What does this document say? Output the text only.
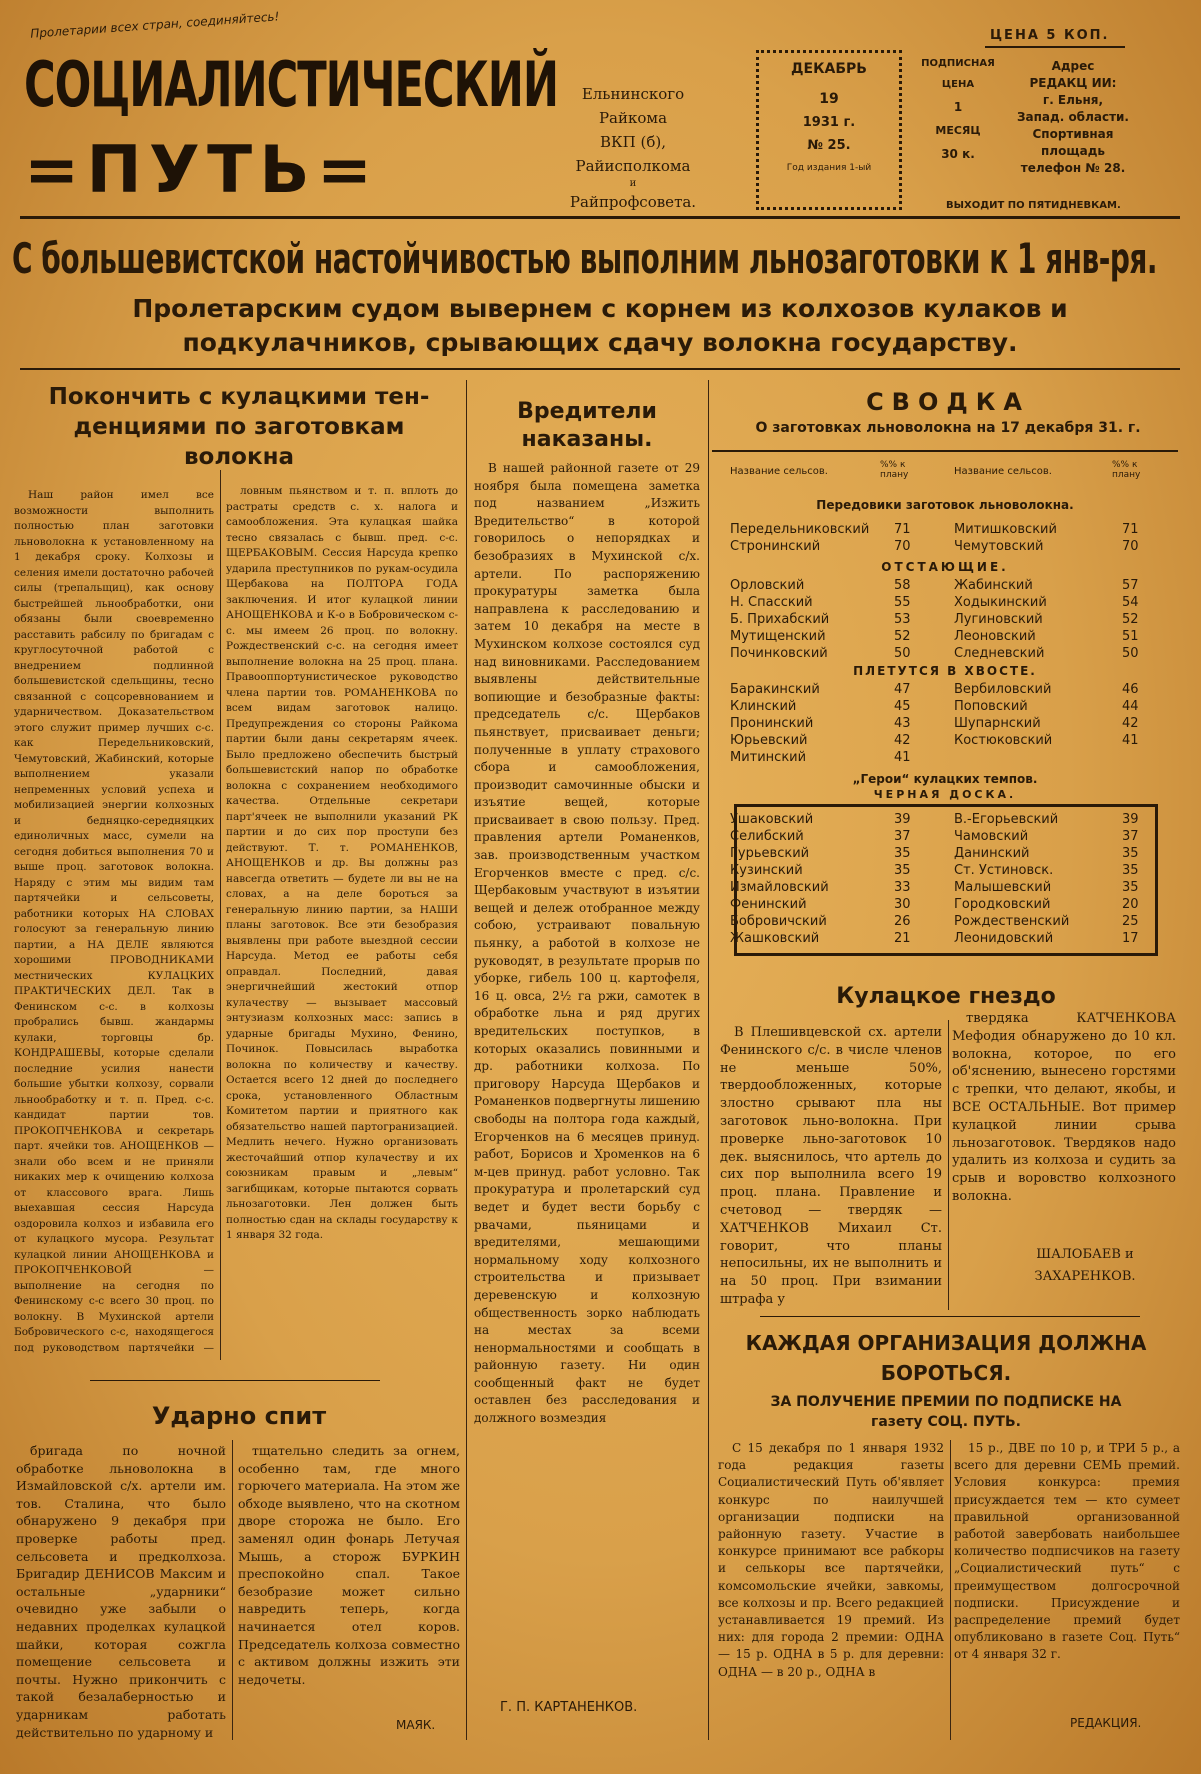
Пролетарии всех стран, соединяйтесь!
СОЦИАЛИСТИЧЕСКИЙ
=ПУТЬ=
Ельнинского Райкома
ВКП (б),
Райисполкома
и
Райпрофсовета.
ДЕКАБРЬ
19
1931 г.
№ 25.
Год издания 1-ый
ПОДПИСНАЯ
ЦЕНА
1
МЕСЯЦ
30 к.
ЦЕНА 5 КОП.
Адрес
РЕДАКЦ ИИ:
г. Ельня,
Запад. области.
Спортивная
площадь
телефон № 28.
ВЫХОДИТ ПО ПЯТИДНЕВКАМ.
С большевистской настойчивостью выполним льнозаготовки к 1 янв-ря.
Пролетарским судом вывернем с корнем из колхозов кулаков и
подкулачников, срывающих сдачу волокна государству.
Покончить с кулацкими тен-
денциями по заготовкам
волокна

Наш район имел все возможности выполнить полностью план заготовки льноволокна к установленному на 1 декабря сроку. Колхозы и селения имели достаточно рабочей силы (трепальщиц), как основу быстрейшей льнообработки, они обязаны были своевременно расставить рабсилу по бригадам с круглосуточной работой с внедрением подлинной большевистской сдельщины, тесно связанной с соцсоревнованием и ударничеством. Доказательством этого служит пример лучших с-с. как Передельниковский, Чемутовский, Жабинский, которые выполнением указали непременных условий успеха и мобилизацией энергии колхозных и бедняцко-середняцких единоличных масс, сумели на сегодня добиться выполнения 70 и выше проц. заготовок волокна. Наряду с этим мы видим там партячейки и сельсоветы, работники которых НА СЛОВАХ голосуют за генеральную линию партии, а НА ДЕЛЕ являются хорошими ПРОВОДНИКАМИ местнических КУЛАЦКИХ ПРАКТИЧЕСКИХ ДЕЛ. Так в Фенинском с-с. в колхозы пробрались бывш. жандармы кулаки, торговцы бр. КОНДРАШЕВЫ, которые сделали последние усилия нанести большие убытки колхозу, сорвали льнообработку и т. п. Пред. с-с. кандидат партии тов. ПРОКОПЧЕНКОВА и секретарь парт. ячейки тов. АНОЩЕНКОВ — знали обо всем и не приняли никаких мер к очищению колхоза от классового врага. Лишь выехавшая сессия Нарсуда оздоровила колхоз и избавила его от кулацкого мусора. Результат кулацкой линии АНОЩЕНКОВА и ПРОКОПЧЕНКОВОЙ — выполнение на сегодня по Фенинскому с-с всего 30 проц. по волокну. В Мухинской артели Бобровического с-с, находящегося под руководством партячейки —

ловным пьянством и т. п. вплоть до растраты средств с. х. налога и самообложения. Эта кулацкая шайка тесно связалась с бывш. пред. с-с. ЩЕРБАКОВЫМ. Сессия Нарсуда крепко ударила преступников по рукам-осудила Щербакова на ПОЛТОРА ГОДА заключения. И итог кулацкой линии АНОЩЕНКОВА и К-о в Бобровическом с-с. мы имеем 26 проц. по волокну. Рождественский с-с. на сегодня имеет выполнение волокна на 25 проц. плана. Правооппортунистическое руководство члена партии тов. РОМАНЕНКОВА по всем видам заготовок налицо. Предупреждения со стороны Райкома партии были даны секретарям ячеек. Было предложено обеспечить быстрый большевистский напор по обработке волокна с сохранением необходимого качества. Отдельные секретари парт'ячеек не выполнили указаний РК партии и до сих пор проступи без действуют. Т. т. РОМАНЕНКОВ, АНОЩЕНКОВ и др. Вы должны раз навсегда ответить — будете ли вы не на словах, а на деле бороться за генеральную линию партии, за НАШИ планы заготовок. Все эти безобразия выявлены при работе выездной сессии Нарсуда. Метод ее работы себя оправдал. Последний, давая энергичнейший жестокий отпор кулачеству — вызывает массовый энтузиазм колхозных масс: запись в ударные бригады Мухино, Фенино, Починок. Повысилась выработка волокна по количеству и качеству. Остается всего 12 дней до последнего срока, установленного Областным Комитетом партии и приятного как обязательство нашей партогранизацией. Медлить нечего. Нужно организовать жесточайший отпор кулачеству и их союзникам правым и „левым“ загибщикам, которые пытаются сорвать льнозаготовки. Лен должен быть полностью сдан на склады государству к 1 января 32 года.

Вредители
наказаны.

В нашей районной газете от 29 ноября была помещена заметка под названием „Изжить Вредительство“ в которой говорилось о непорядках и безобразиях в Мухинской с/х. артели. По распоряжению прокуратуры заметка была направлена к расследованию и затем 10 декабря на месте в Мухинском колхозе состоялся суд над виновниками. Расследованием выявлены действительные вопиющие и безобразные факты: председатель с/с. Щербаков пьянствует, присваивает деньги; полученные в уплату страхового сбора и самообложения, производит самочинные обыски и изъятие вещей, которые присваивает в свою пользу. Пред. правления артели Романенков, зав. производственным участком Егорченков вместе с пред. с/с. Щербаковым участвуют в изъятии вещей и дележ отобранное между собою, устраивают повальную пьянку, а работой в колхозе не руководят, в результате прорыв по уборке, гибель 100 ц. картофеля, 16 ц. овса, 2½ га ржи, самотек в обработке льна и ряд других вредительских поступков, в которых оказались повинными и др. работники колхоза. По приговору Нарсуда Щербаков и Романенков подвергнуты лишению свободы на полтора года каждый, Егорченков на 6 месяцев принуд. работ, Борисов и Хроменков на 6 м-цев принуд. работ условно. Так прокуратура и пролетарский суд ведет и будет вести борьбу с рвачами, пьяницами и вредителями, мешающими нормальному ходу колхозного строительства и призывает деревенскую и колхозную общественность зорко наблюдать на местах за всеми ненормальностями и сообщать в районную газету. Ни один сообщенный факт не будет оставлен без расследования и должного возмездия

Г. П. КАРТАНЕНКОВ.
СВОДКА
О заготовках льноволокна на 17 декабря 31. г.
Название сельсов.
%% к плану	Название сельсов.
%% к плану
Передовики заготовок льноволокна.
Передельниковский 71	Митишковский	71
Стронинский	70	Чемутовский	70
ОТСТАЮЩИЕ.
Орловский	58	Жабинский	57
Н. Спасский	55	Ходыкинский	54
Б. Прихабский	53	Лугиновский	52
Мутищенский	52	Леоновский	51
Починковский	50	Следневский	50
ПЛЕТУТСЯ В ХВОСТЕ.
Баракинский	47	Вербиловский	46
Клинский	45	Поповский	44
Пронинский	43	Шупарнский	42
Юрьевский	42	Костюковский	41
Митинский	41
„Герои“ кулацких темпов.
ЧЕРНАЯ ДОСКА.
Ушаковский	39	В.-Егорьевский	39
Селибский	37	Чамовский	37
Гурьевский	35	Данинский	35
Кузинский	35	Ст. Устиновск.	35
Измайловский	33	Малышевский	35
Фенинский	30	Городковский	20
Бобровичский	26	Рождественский	25
Жашковский	21	Леонидовский	17
Кулацкое гнездо

В Плешивцевской сх. артели Фенинского с/с. в числе членов не меньше 50%, твердообложенных, которые злостно срывают пла ны заготовок льно-волокна. При проверке льно-заготовок 10 дек. выяснилось, что артель до сих пор выполнила всего 19 проц. плана. Правление и счетовод — твердяк — ХАТЧЕНКОВ Михаил Ст. говорит, что планы непосильны, их не выполнить и на 50 проц. При взимании штрафа у

твердяка КАТЧЕНКОВА Мефодия обнаружено до 10 кл. волокна, которое, по его об'яснению, вынесено горстями с трепки, что делают, якобы, и ВСЕ ОСТАЛЬНЫЕ. Вот пример кулацкой линии срыва льнозаготовок. Твердяков надо удалить из колхоза и судить за срыв и воровство колхозного волокна.

ШАЛОБАЕВ и
ЗАХАРЕНКОВ.
КАЖДАЯ ОРГАНИЗАЦИЯ ДОЛЖНА
БОРОТЬСЯ.
ЗА ПОЛУЧЕНИЕ ПРЕМИИ ПО ПОДПИСКЕ НА
газету СОЦ. ПУТЬ.

С 15 декабря по 1 января 1932 года редакция газеты Социалистический Путь об'являет конкурс по наилучшей организации подписки на районную газету. Участие в конкурсе принимают все рабкоры и селькоры все партячейки, комсомольские ячейки, завкомы, все колхозы и пр. Всего редакцией устанавливается 19 премий. Из них: для города 2 премии: ОДНА — 15 р. ОДНА в 5 р. для деревни: ОДНА — в 20 р., ОДНА в

15 р., ДВЕ по 10 р, и ТРИ 5 р., а всего для деревни СЕМЬ премий. Условия конкурса: премия присуждается тем — кто сумеет правильной организованной работой завербовать наибольшее количество подписчиков на газету „Социалистический путь“ с преимуществом долгосрочной подписки. Присуждение и распределение премий будет опубликовано в газете Соц. Путь“ от 4 января 32 г.

РЕДАКЦИЯ.
Ударно спит

бригада по ночной обработке льноволокна в Измайловской с/х. артели им. тов. Сталина, что было обнаружено 9 декабря при проверке работы пред. сельсовета и предколхоза. Бригадир ДЕНИСОВ Максим и остальные „ударники“ очевидно уже забыли о недавних проделках кулацкой шайки, которая сожгла помещение сельсовета и почты. Нужно прикончить с такой безалаберностью и ударникам работать действительно по ударному и

тщательно следить за огнем, особенно там, где много горючего материала. На этом же обходе выявлено, что на скотном дворе сторожа не было. Его заменял один фонарь Летучая Мышь, а сторож БУРКИН преспокойно спал. Такое безобразие может сильно навредить теперь, когда начинается отел коров. Председатель колхоза совместно с активом должны изжить эти недочеты.

МАЯК.
